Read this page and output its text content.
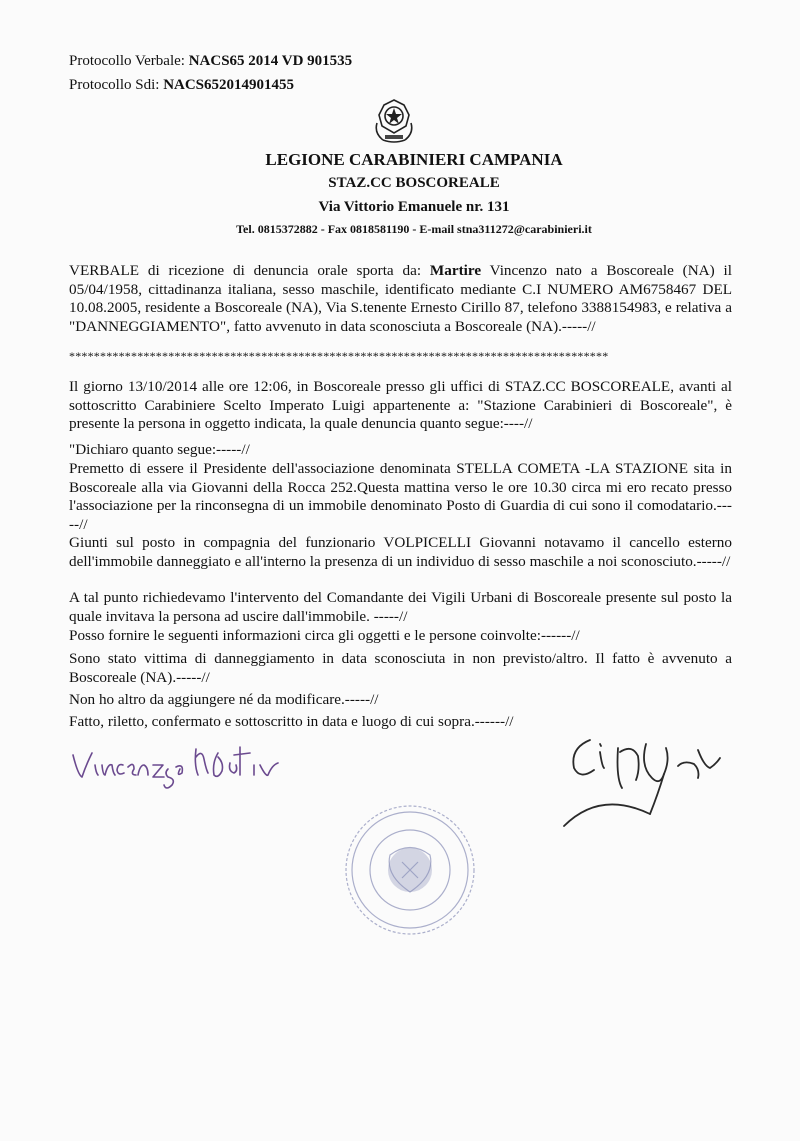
Protocollo Verbale: NACS65 2014 VD 901535
Protocollo Sdi: NACS652014901455
LEGIONE CARABINIERI CAMPANIA
STAZ.CC BOSCOREALE
Via Vittorio Emanuele nr. 131
Tel. 0815372882 - Fax 0818581190 - E-mail stna311272@carabinieri.it

VERBALE di ricezione di denuncia orale sporta da: Martire Vincenzo nato a Boscoreale (NA) il 05/04/1958, cittadinanza italiana, sesso maschile, identificato mediante C.I NUMERO AM6758467 DEL 10.08.2005, residente a Boscoreale (NA), Via S.tenente Ernesto Cirillo 87, telefono 3388154983, e relativa a "DANNEGGIAMENTO", fatto avvenuto in data sconosciuta a Boscoreale (NA).-----//

***************************************************************************************
Il giorno 13/10/2014 alle ore 12:06, in Boscoreale presso gli uffici di STAZ.CC BOSCOREALE, avanti al sottoscritto Carabiniere Scelto Imperato Luigi appartenente a: "Stazione Carabinieri di Boscoreale", è presente la persona in oggetto indicata, la quale denuncia quanto segue:----//
"Dichiaro quanto segue:-----//
Premetto di essere il Presidente dell'associazione denominata STELLA COMETA -LA STAZIONE sita in Boscoreale alla via Giovanni della Rocca 252.Questa mattina verso le ore 10.30 circa mi ero recato presso l'associazione per la rinconsegna di un immobile denominato Posto di Guardia di cui sono il comodatario.-----//
Giunti sul posto in compagnia del funzionario VOLPICELLI Giovanni notavamo il cancello esterno dell'immobile danneggiato e all'interno la presenza di un individuo di sesso maschile a noi sconosciuto.-----//
A tal punto richiedevamo l'intervento del Comandante dei Vigili Urbani di Boscoreale presente sul posto la quale invitava la persona ad uscire dall'immobile. -----//
Posso fornire le seguenti informazioni circa gli oggetti e le persone coinvolte:------//
Sono stato vittima di danneggiamento in data sconosciuta in non previsto/altro. Il fatto è avvenuto a Boscoreale (NA).-----//
Non ho altro da aggiungere né da modificare.-----//
Fatto, riletto, confermato e sottoscritto in data e luogo di cui sopra.------//
